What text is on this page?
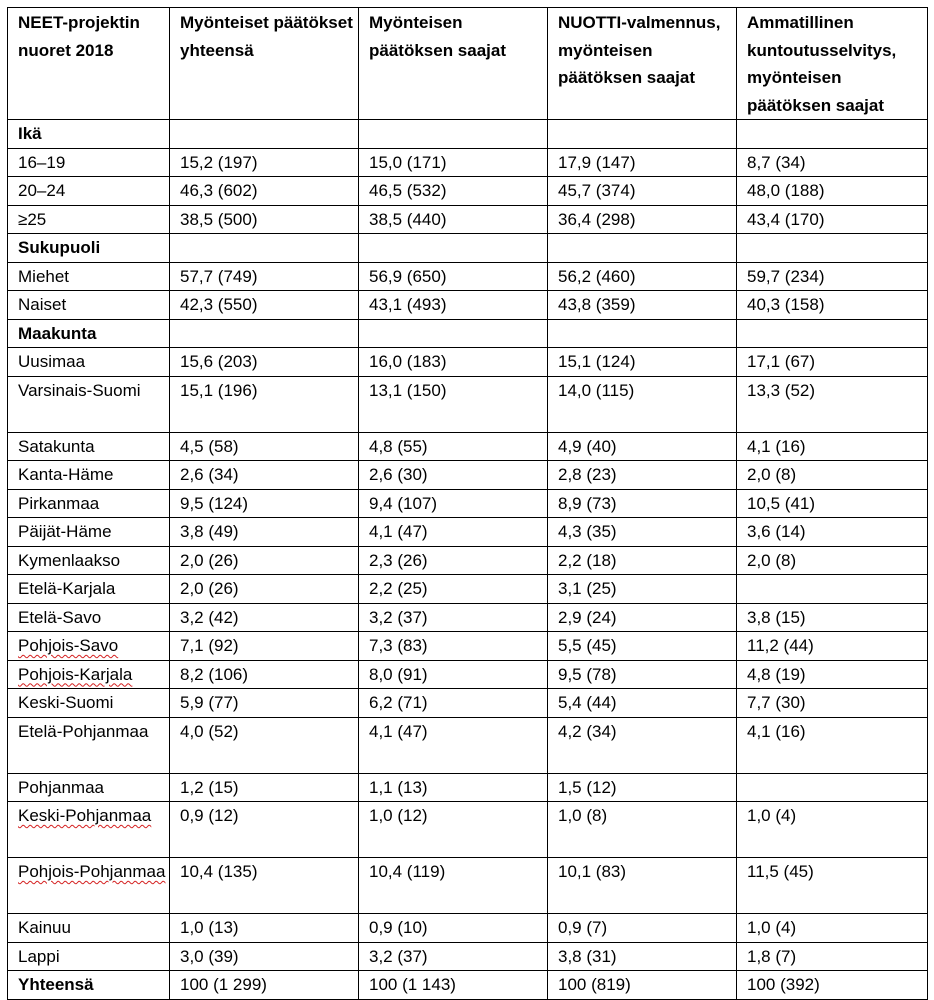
NEET-projektin nuoret 2018	Myönteiset päätökset yhteensä	Myönteisen päätöksen saajat	NUOTTI-valmennus, myönteisen päätöksen saajat	Ammatillinen kuntoutusselvitys, myönteisen päätöksen saajat
Ikä				
16–19	15,2 (197)	15,0 (171)	17,9 (147)	8,7 (34)
20–24	46,3 (602)	46,5 (532)	45,7 (374)	48,0 (188)
≥25	38,5 (500)	38,5 (440)	36,4 (298)	43,4 (170)
Sukupuoli				
Miehet	57,7 (749)	56,9 (650)	56,2 (460)	59,7 (234)
Naiset	42,3 (550)	43,1 (493)	43,8 (359)	40,3 (158)
Maakunta				
Uusimaa	15,6 (203)	16,0 (183)	15,1 (124)	17,1 (67)
Varsinais-Suomi	15,1 (196)	13,1 (150)	14,0 (115)	13,3 (52)
Satakunta	4,5 (58)	4,8 (55)	4,9 (40)	4,1 (16)
Kanta-Häme	2,6 (34)	2,6 (30)	2,8 (23)	2,0 (8)
Pirkanmaa	9,5 (124)	9,4 (107)	8,9 (73)	10,5 (41)
Päijät-Häme	3,8 (49)	4,1 (47)	4,3 (35)	3,6 (14)
Kymenlaakso	2,0 (26)	2,3 (26)	2,2 (18)	2,0 (8)
Etelä-Karjala	2,0 (26)	2,2 (25)	3,1 (25)	
Etelä-Savo	3,2 (42)	3,2 (37)	2,9 (24)	3,8 (15)
Pohjois-Savo	7,1 (92)	7,3 (83)	5,5 (45)	11,2 (44)
Pohjois-Karjala	8,2 (106)	8,0 (91)	9,5 (78)	4,8 (19)
Keski-Suomi	5,9 (77)	6,2 (71)	5,4 (44)	7,7 (30)
Etelä-Pohjanmaa	4,0 (52)	4,1 (47)	4,2 (34)	4,1 (16)
Pohjanmaa	1,2 (15)	1,1 (13)	1,5 (12)	
Keski-Pohjanmaa	0,9 (12)	1,0 (12)	1,0 (8)	1,0 (4)
Pohjois-Pohjanmaa	10,4 (135)	10,4 (119)	10,1 (83)	11,5 (45)
Kainuu	1,0 (13)	0,9 (10)	0,9 (7)	1,0 (4)
Lappi	3,0 (39)	3,2 (37)	3,8 (31)	1,8 (7)
Yhteensä	100 (1 299)	100 (1 143)	100 (819)	100 (392)
